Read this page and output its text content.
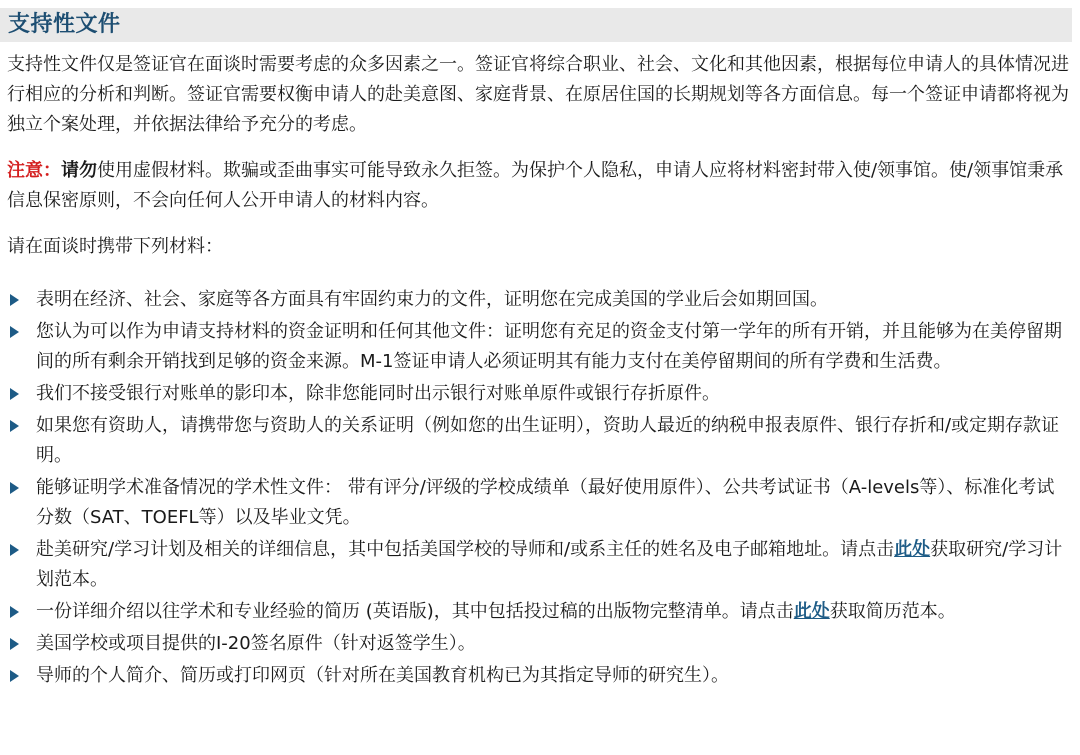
支持性文件

支持性文件仅是签证官在面谈时需要考虑的众多因素之一。签证官将综合职业、社会、文化和其他因素，根据每位申请人的具体情况进行相应的分析和判断。签证官需要权衡申请人的赴美意图、家庭背景、在原居住国的长期规划等各方面信息。每一个签证申请都将视为独立个案处理，并依据法律给予充分的考虑。

注意：请勿使用虚假材料。欺骗或歪曲事实可能导致永久拒签。为保护个人隐私，申请人应将材料密封带入使/领事馆。使/领事馆秉承信息保密原则，不会向任何人公开申请人的材料内容。

请在面谈时携带下列材料：

表明在经济、社会、家庭等各方面具有牢固约束力的文件，证明您在完成美国的学业后会如期回国。
您认为可以作为申请支持材料的资金证明和任何其他文件：证明您有充足的资金支付第一学年的所有开销，并且能够为在美停留期间的所有剩余开销找到足够的资金来源。M-1签证申请人必须证明其有能力支付在美停留期间的所有学费和生活费。
我们不接受银行对账单的影印本，除非您能同时出示银行对账单原件或银行存折原件。
如果您有资助人，请携带您与资助人的关系证明（例如您的出生证明），资助人最近的纳税申报表原件、银行存折和/或定期存款证明。
能够证明学术准备情况的学术性文件： 带有评分/评级的学校成绩单（最好使用原件）、公共考试证书（A-levels等）、标准化考试分数（SAT、TOEFL等）以及毕业文凭。
赴美研究/学习计划及相关的详细信息，其中包括美国学校的导师和/或系主任的姓名及电子邮箱地址。请点击此处获取研究/学习计划范本。
一份详细介绍以往学术和专业经验的简历 (英语版)，其中包括投过稿的出版物完整清单。请点击此处获取简历范本。
美国学校或项目提供的I-20签名原件（针对返签学生）。
导师的个人简介、简历或打印网页（针对所在美国教育机构已为其指定导师的研究生）。
